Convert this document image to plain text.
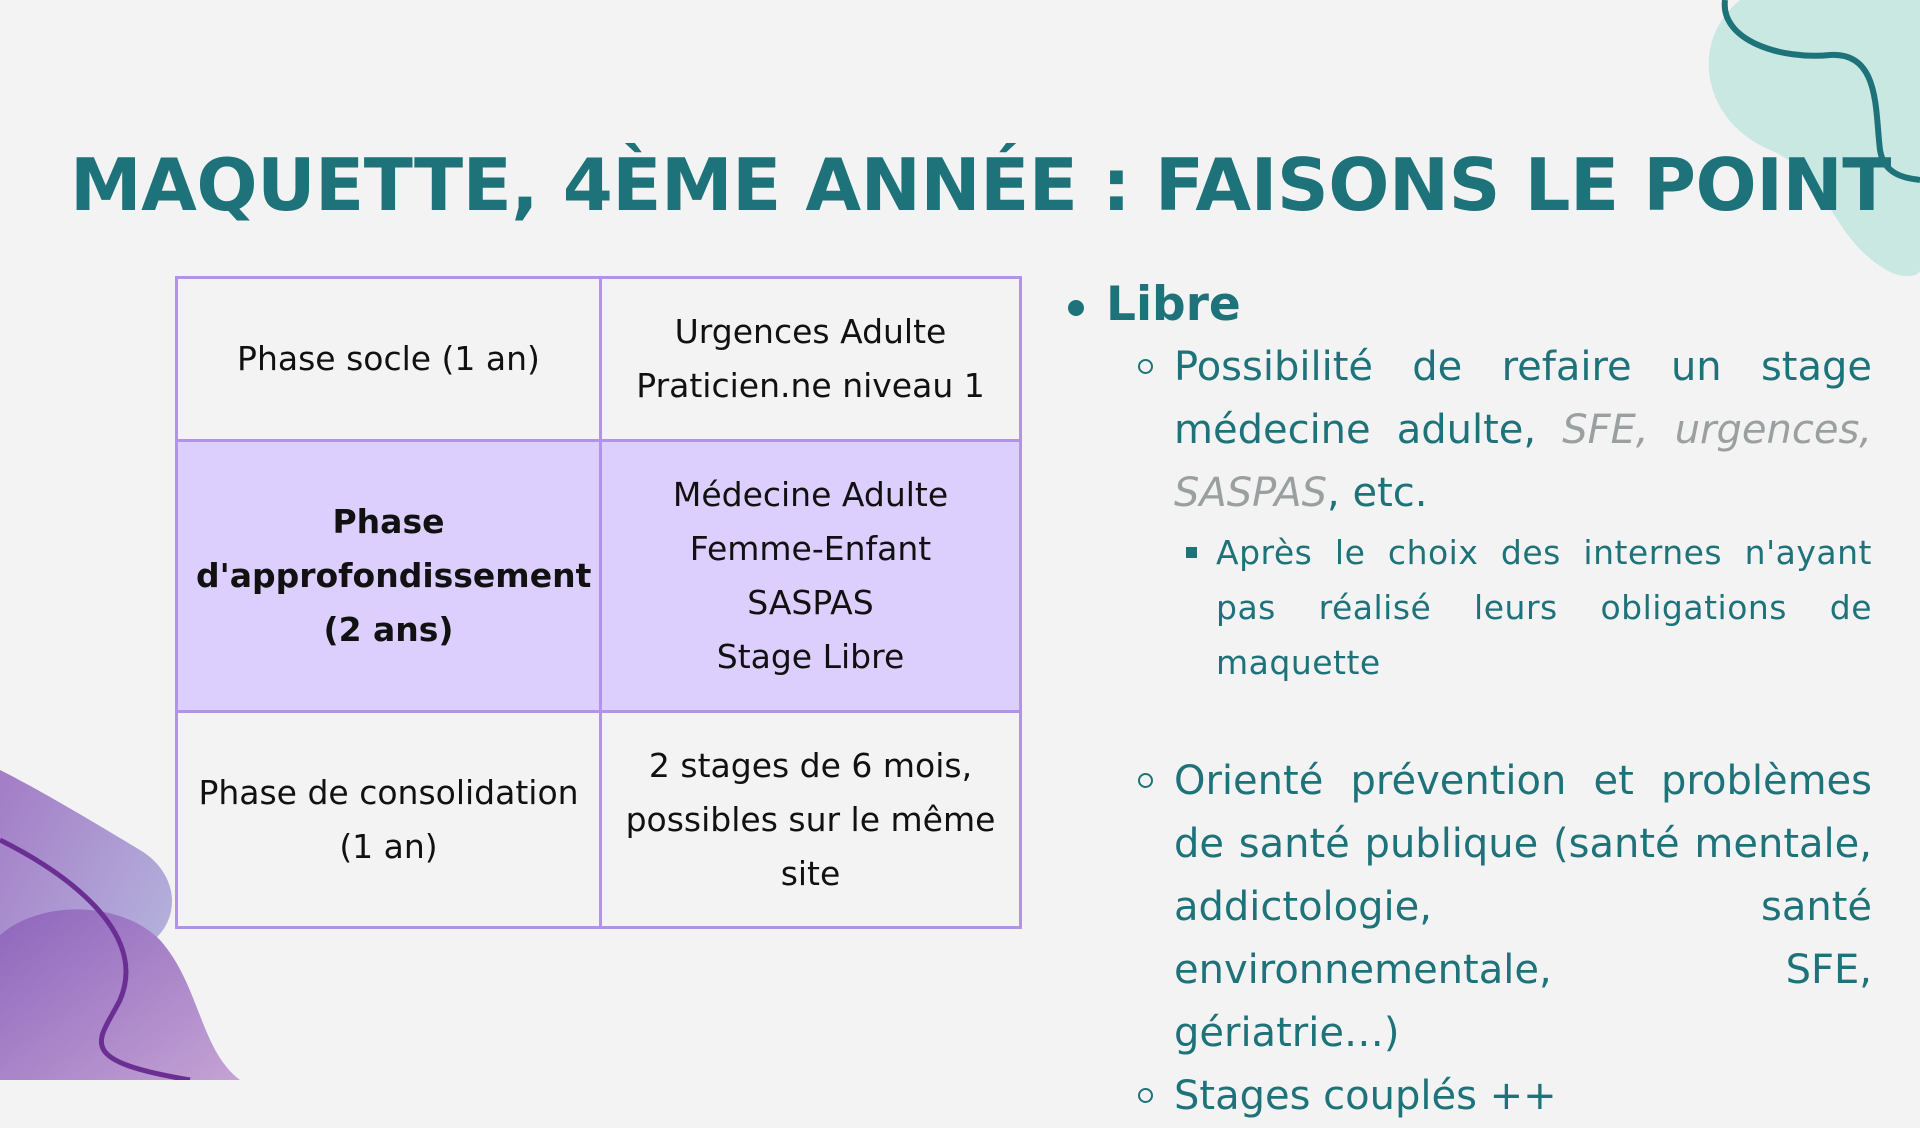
MAQUETTE, 4ÈME ANNÉE : FAISONS LE POINT
Phase socle (1 an)	Urgences Adulte
Praticien.ne niveau 1

Phase d'approfondissement (2 ans)	Médecine Adulte
Femme-Enfant
SASPAS
Stage Libre

Phase de consolidation (1 an)	2 stages de 6 mois, possibles sur le même site
Libre
Possibilité de refaire un stage médecine adulte, SFE, urgences, SASPAS, etc.
Après le choix des internes n'ayant pas réalisé leurs obligations de maquette
Orienté prévention et problèmes de santé publique (santé mentale, addictologie, santé environnementale, SFE, gériatrie…)
Stages couplés ++
